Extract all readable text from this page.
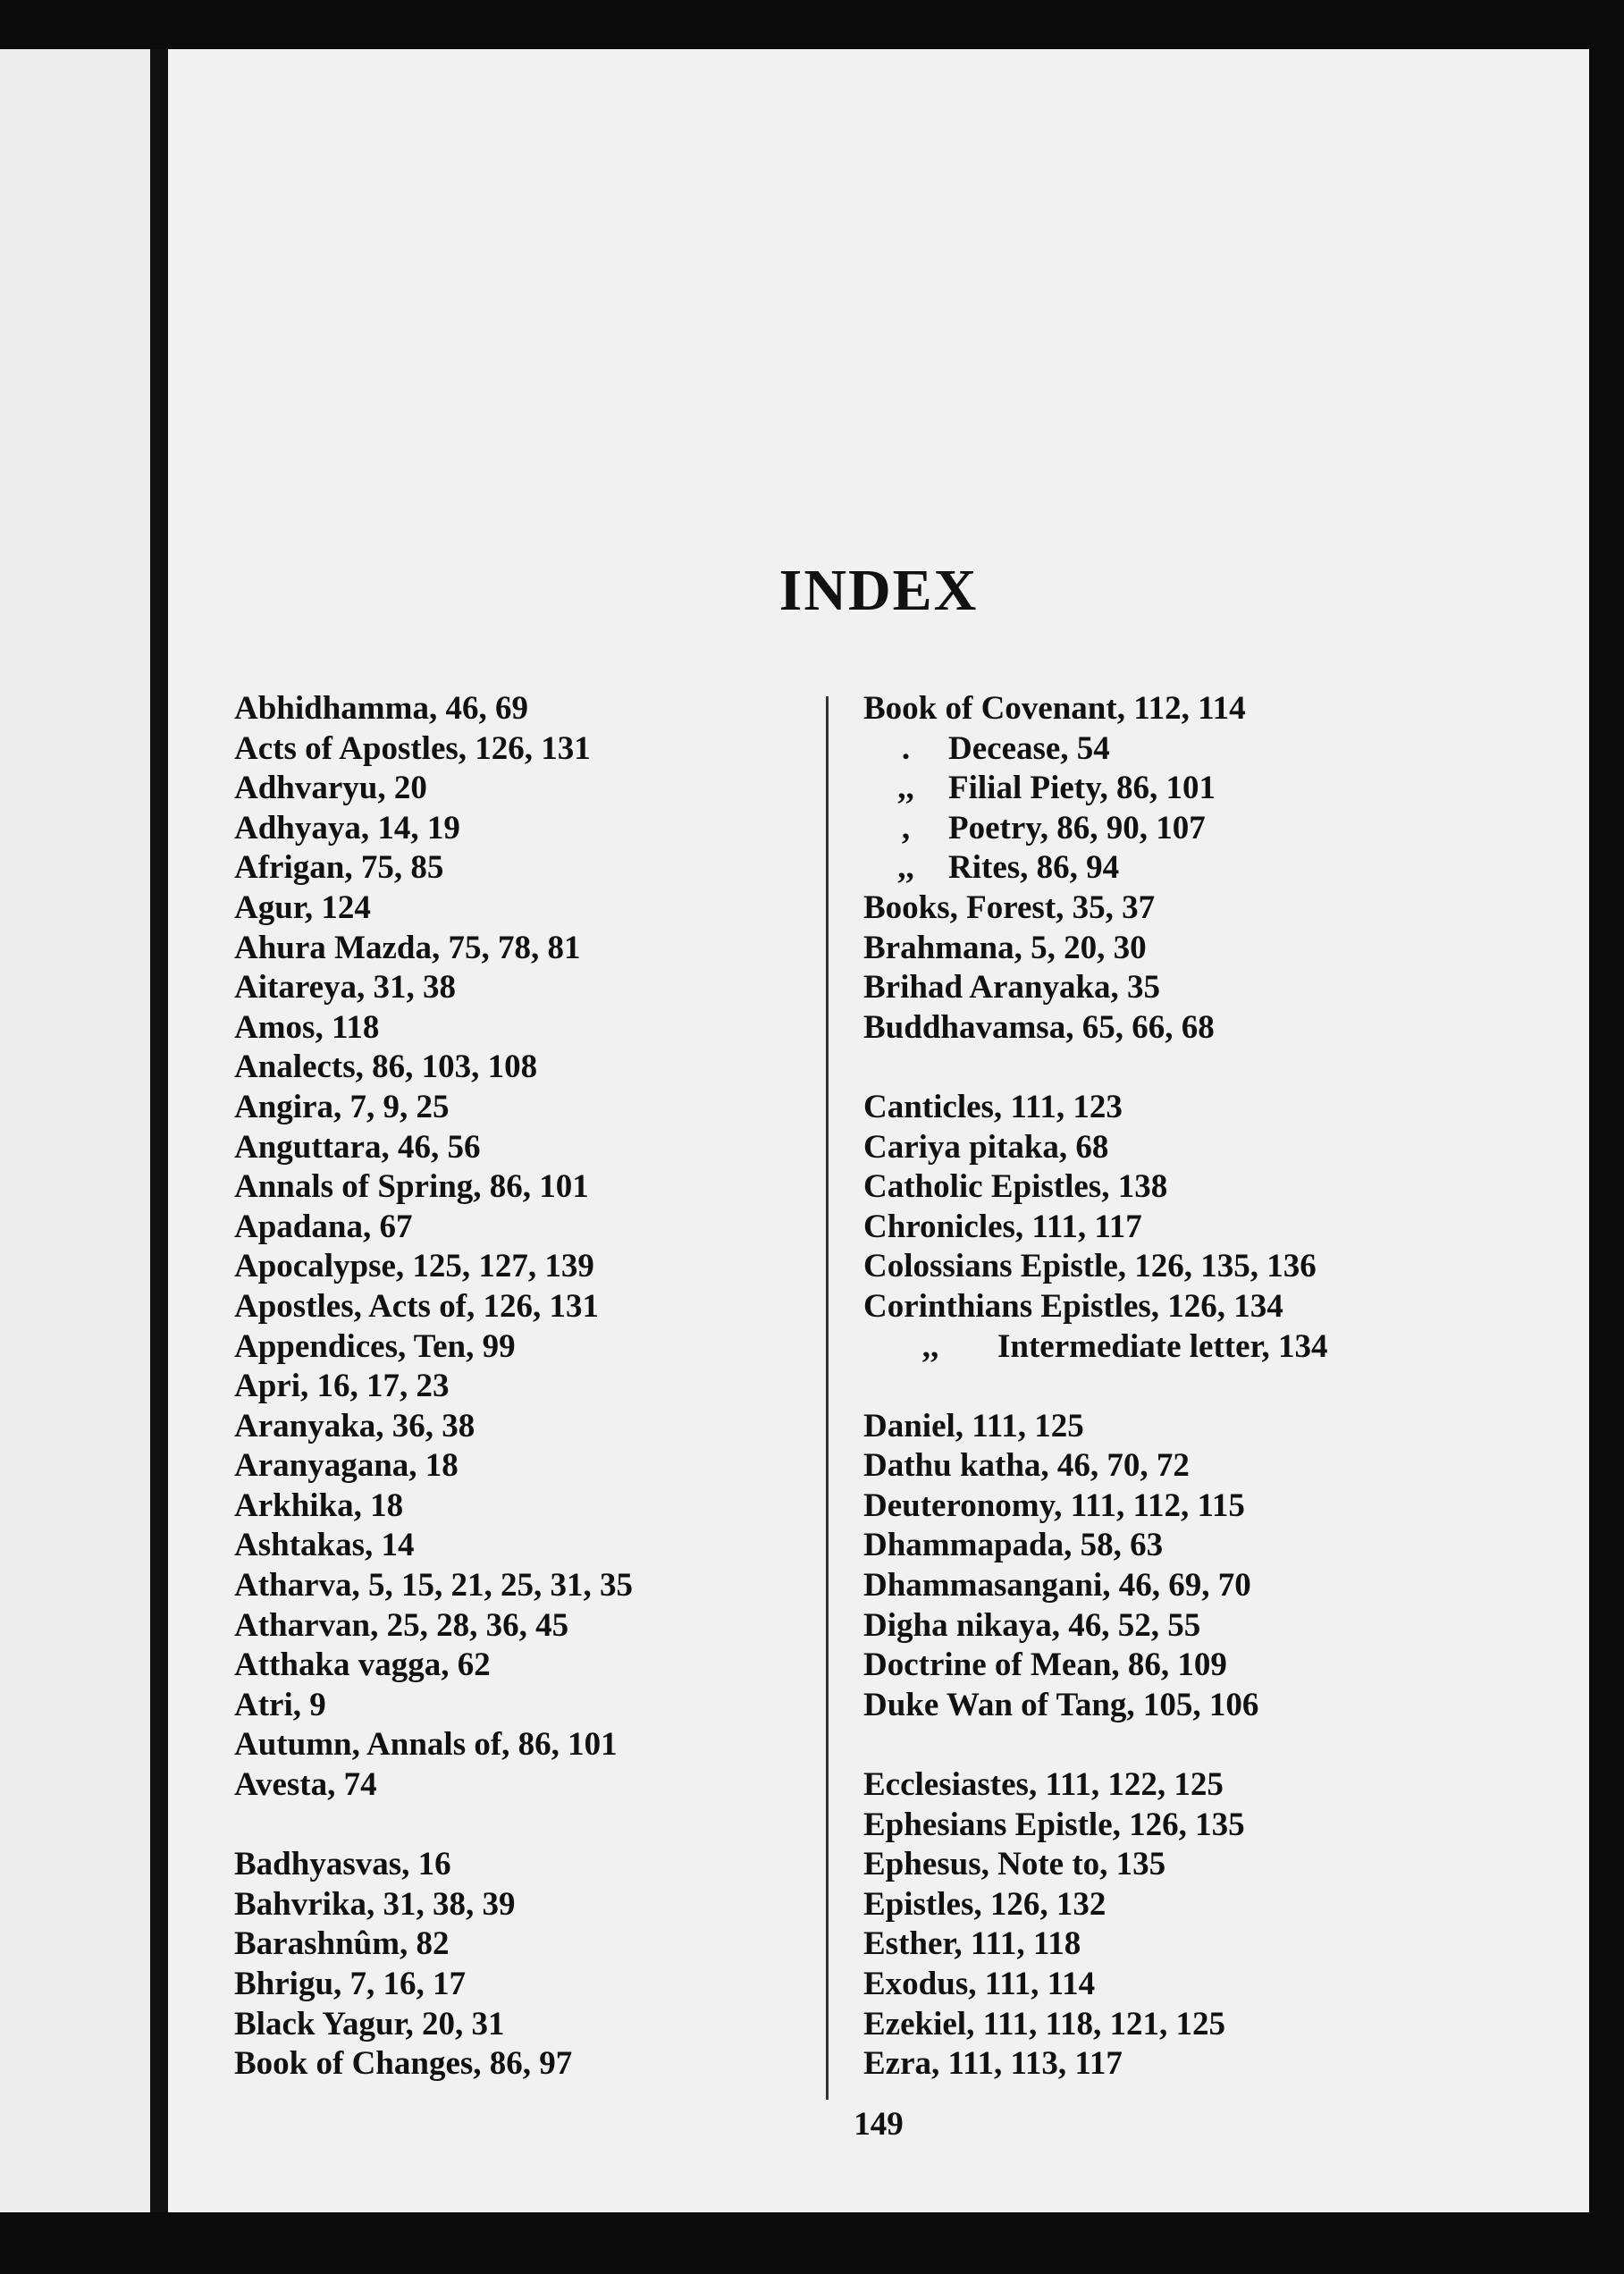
INDEX
Abhidhamma, 46, 69
Acts of Apostles, 126, 131
Adhvaryu, 20
Adhyaya, 14, 19
Afrigan, 75, 85
Agur, 124
Ahura Mazda, 75, 78, 81
Aitareya, 31, 38
Amos, 118
Analects, 86, 103, 108
Angira, 7, 9, 25
Anguttara, 46, 56
Annals of Spring, 86, 101
Apadana, 67
Apocalypse, 125, 127, 139
Apostles, Acts of, 126, 131
Appendices, Ten, 99
Apri, 16, 17, 23
Aranyaka, 36, 38
Aranyagana, 18
Arkhika, 18
Ashtakas, 14
Atharva, 5, 15, 21, 25, 31, 35
Atharvan, 25, 28, 36, 45
Atthaka vagga, 62
Atri, 9
Autumn, Annals of, 86, 101
Avesta, 74
Badhyasvas, 16
Bahvrika, 31, 38, 39
Barashnûm, 82
Bhrigu, 7, 16, 17
Black Yagur, 20, 31
Book of Changes, 86, 97
Book of Covenant, 112, 114
. Decease, 54
,, Filial Piety, 86, 101
, Poetry, 86, 90, 107
,, Rites, 86, 94
Books, Forest, 35, 37
Brahmana, 5, 20, 30
Brihad Aranyaka, 35
Buddhavamsa, 65, 66, 68
Canticles, 111, 123
Cariya pitaka, 68
Catholic Epistles, 138
Chronicles, 111, 117
Colossians Epistle, 126, 135, 136
Corinthians Epistles, 126, 134
,, Intermediate letter, 134
Daniel, 111, 125
Dathu katha, 46, 70, 72
Deuteronomy, 111, 112, 115
Dhammapada, 58, 63
Dhammasangani, 46, 69, 70
Digha nikaya, 46, 52, 55
Doctrine of Mean, 86, 109
Duke Wan of Tang, 105, 106
Ecclesiastes, 111, 122, 125
Ephesians Epistle, 126, 135
Ephesus, Note to, 135
Epistles, 126, 132
Esther, 111, 118
Exodus, 111, 114
Ezekiel, 111, 118, 121, 125
Ezra, 111, 113, 117
149
